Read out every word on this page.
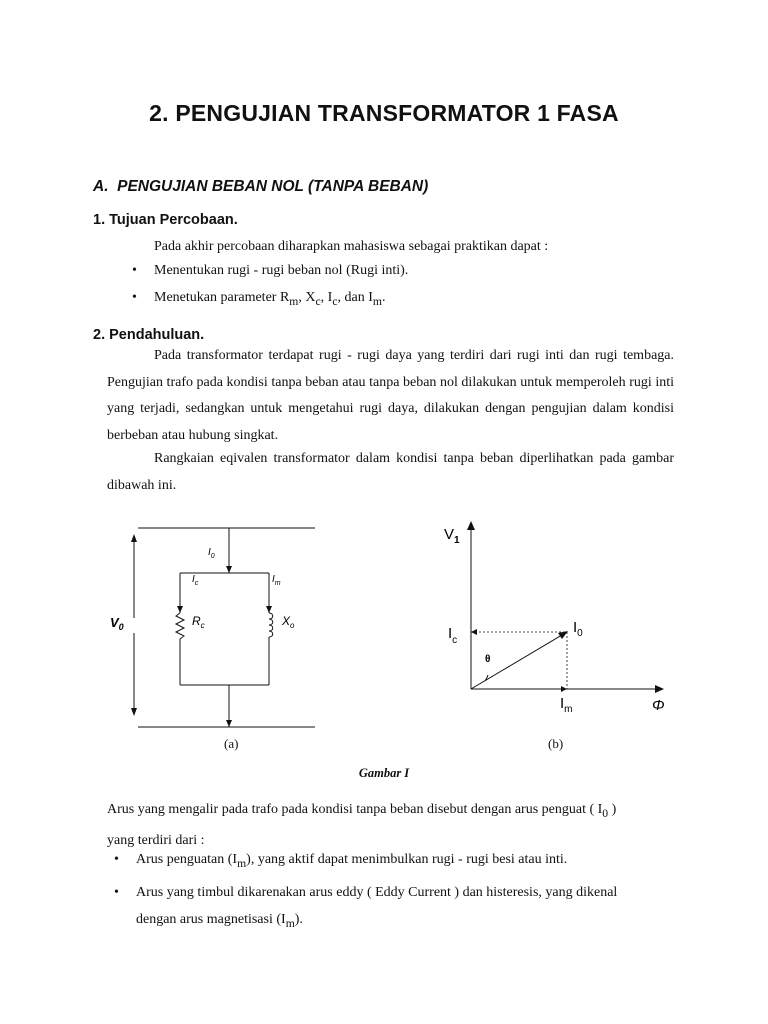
2. PENGUJIAN TRANSFORMATOR 1 FASA
A.  PENGUJIAN BEBAN NOL (TANPA BEBAN)
1. Tujuan Percobaan.
Pada akhir percobaan diharapkan mahasiswa sebagai praktikan dapat :
• Menentukan rugi - rugi beban nol (Rugi inti).
• Menetukan parameter $R_m$, $X_c$, $I_c$, dan $I_m$.
2. Pendahuluan.
Pada transformator terdapat rugi - rugi daya yang terdiri dari rugi inti dan rugi tembaga. Pengujian trafo pada kondisi tanpa beban atau tanpa beban nol dilakukan untuk memperoleh rugi inti yang terjadi, sedangkan untuk mengetahui rugi daya, dilakukan dengan pengujian dalam kondisi berbeban atau hubung singkat.
Rangkaian eqivalen transformator dalam kondisi tanpa beban diperlihatkan pada gambar dibawah ini.
$V_0$
$I_0$
$I_c$	$I_m$
$R_c$	$X_o$
(a)
$V_1$
$I_c$
$I_0$
θ
$I_m$	Φ
(b)
Gambar I
Arus yang mengalir pada trafo pada kondisi tanpa beban disebut dengan arus penguat ( $I_0$ )
yang terdiri dari :
• Arus penguatan $(I_m)$, yang aktif dapat menimbulkan rugi - rugi besi atau inti.
• Arus yang timbul dikarenakan arus eddy ( Eddy Current ) dan histeresis, yang dikenal
dengan arus magnetisasi $(I_m)$.
